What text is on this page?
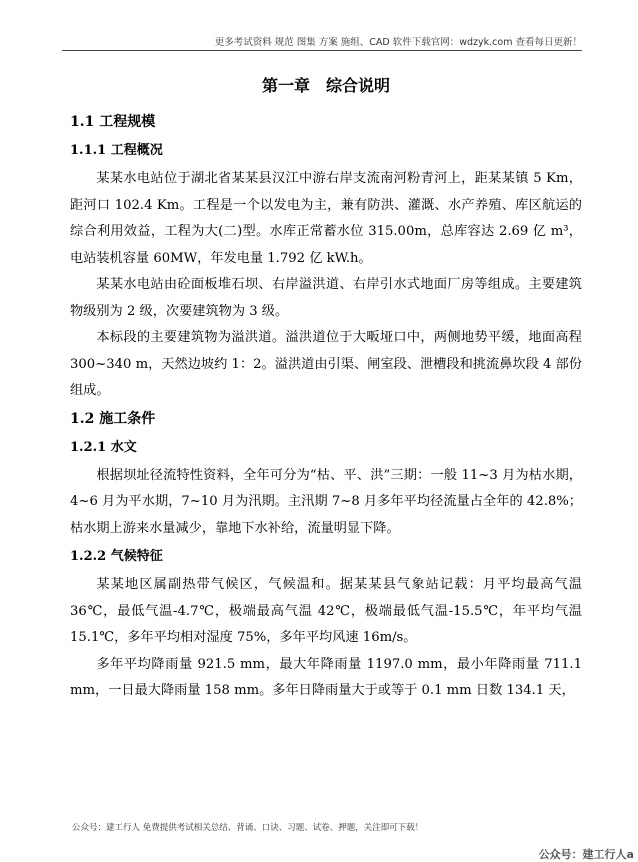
更多考试资料 规范 图集 方案 施组、CAD 软件下载官网：wdzyk.com 查看每日更新！
第一章　综合说明
1.1 工程规模
1.1.1 工程概况

某某水电站位于湖北省某某县汉江中游右岸支流南河粉青河上，距某某镇 5 Km，距河口 102.4 Km。工程是一个以发电为主，兼有防洪、灌溉、水产养殖、库区航运的综合利用效益，工程为大(二)型。水库正常蓄水位 315.00m，总库容达 2.69 亿 m³，电站装机容量 60MW，年发电量 1.792 亿 kW.h。

某某水电站由砼面板堆石坝、右岸溢洪道、右岸引水式地面厂房等组成。主要建筑物级别为 2 级，次要建筑物为 3 级。

本标段的主要建筑物为溢洪道。溢洪道位于大畈垭口中，两侧地势平缓，地面高程 300~340 m，天然边坡约 1：2。溢洪道由引渠、闸室段、泄槽段和挑流鼻坎段 4 部份组成。

1.2 施工条件
1.2.1 水文

根据坝址径流特性资料，全年可分为“枯、平、洪”三期：一般 11~3 月为枯水期，4~6 月为平水期，7~10 月为汛期。主汛期 7~8 月多年平均径流量占全年的 42.8%；枯水期上游来水量减少，靠地下水补给，流量明显下降。

1.2.2 气候特征

某某地区属副热带气候区，气候温和。据某某县气象站记载：月平均最高气温 36℃，最低气温-4.7℃，极端最高气温 42℃，极端最低气温-15.5℃，年平均气温 15.1℃，多年平均相对湿度 75%，多年平均风速 16m/s。

多年平均降雨量 921.5 mm，最大年降雨量 1197.0 mm，最小年降雨量 711.1 mm，一日最大降雨量 158 mm。多年日降雨量大于或等于 0.1 mm 日数 134.1 天，

公众号：建工行人 免费提供考试相关总结、背诵、口诀、习题、试卷、押题，关注即可下载！
公众号：建工行人a
